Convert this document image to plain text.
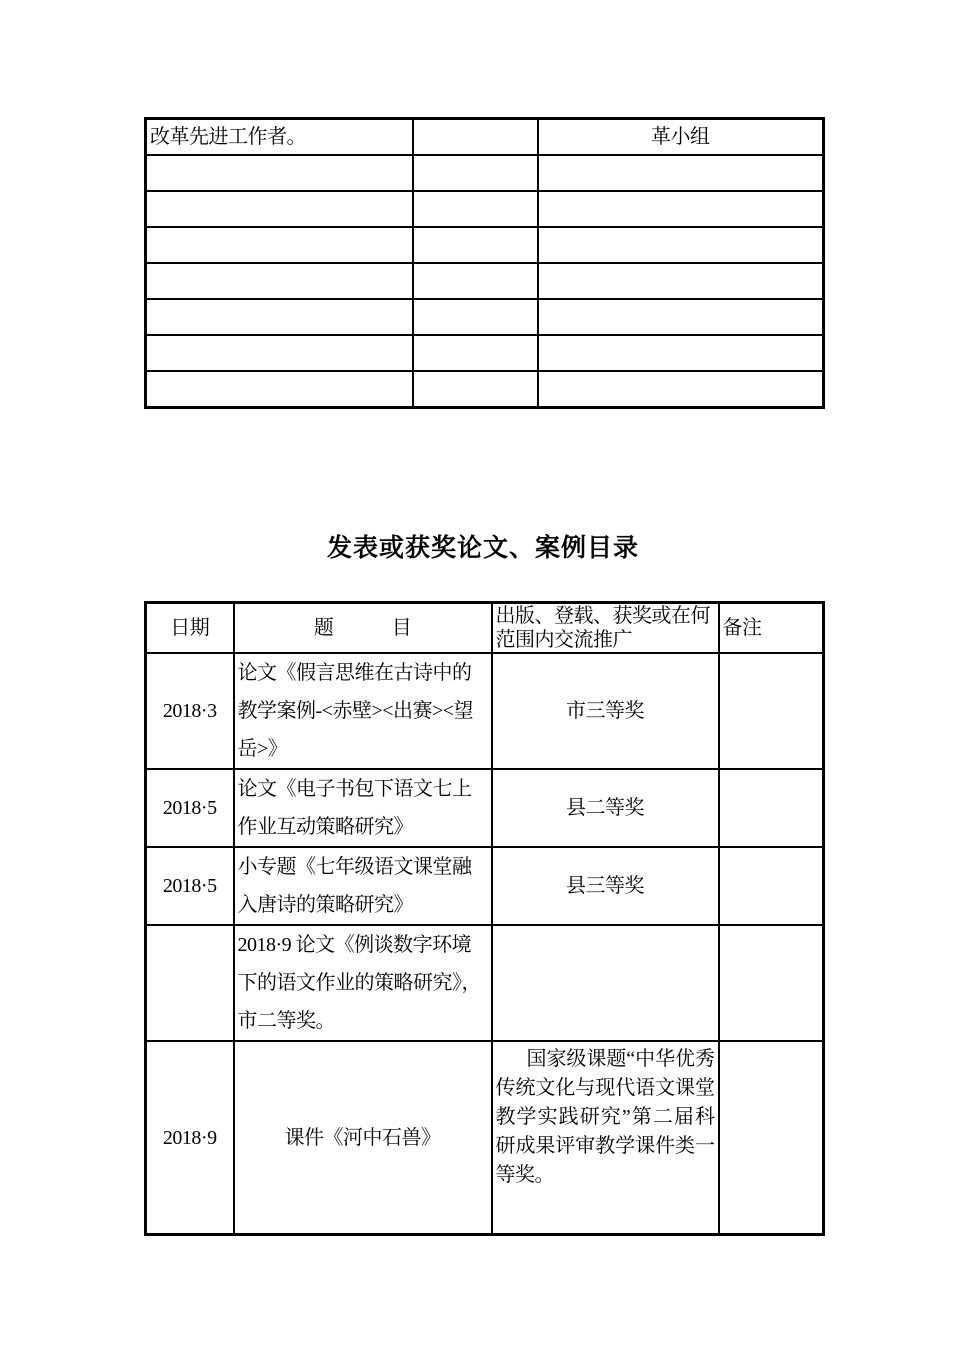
改革先进工作者。		革小组

发表或获奖论文、案例目录
日期	题　　　目	出版、登载、获奖或在何范围内交流推广	备注
2018·3	论文《假言思维在古诗中的教学案例-<赤壁><出赛><望岳>》	市三等奖	
2018·5	论文《电子书包下语文七上作业互动策略研究》	县二等奖	
2018·5	小专题《七年级语文课堂融入唐诗的策略研究》	县三等奖	
	2018·9 论文《例谈数字环境下的语文作业的策略研究》，市二等奖。		
2018·9	课件《河中石兽》	国家级课题“中华优秀传统文化与现代语文课堂教学实践研究”第二届科研成果评审教学课件类一等奖。	
